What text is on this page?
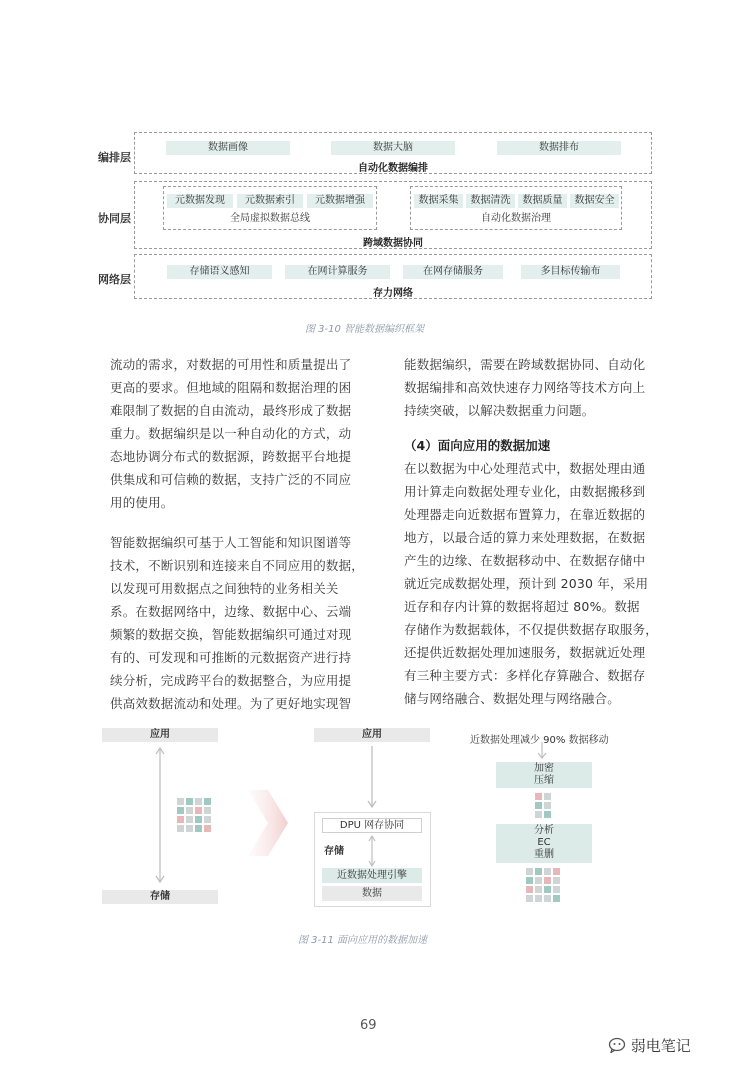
编排层
数据画像	数据大脑	数据排布
自动化数据编排
协同层
元数据发现	元数据索引	元数据增强
全局虚拟数据总线
数据采集	数据清洗	数据质量	数据安全
自动化数据治理
跨域数据协同
网络层
存储语义感知	在网计算服务	在网存储服务	多目标传输布
存力网络
图 3-10 智能数据编织框架

流动的需求，对数据的可用性和质量提出了
更高的要求。但地域的阻隔和数据治理的困
难限制了数据的自由流动，最终形成了数据
重力。数据编织是以一种自动化的方式，动
态地协调分布式的数据源，跨数据平台地提
供集成和可信赖的数据，支持广泛的不同应
用的使用。

智能数据编织可基于人工智能和知识图谱等
技术，不断识别和连接来自不同应用的数据，
以发现可用数据点之间独特的业务相关关
系。在数据网络中，边缘、数据中心、云端
频繁的数据交换，智能数据编织可通过对现
有的、可发现和可推断的元数据资产进行持
续分析，完成跨平台的数据整合，为应用提
供高效数据流动和处理。为了更好地实现智

能数据编织，需要在跨域数据协同、自动化
数据编排和高效快速存力网络等技术方向上
持续突破，以解决数据重力问题。

（4）面向应用的数据加速

在以数据为中心处理范式中，数据处理由通
用计算走向数据处理专业化，由数据搬移到
处理器走向近数据布置算力，在靠近数据的
地方，以最合适的算力来处理数据，在数据
产生的边缘、在数据移动中、在数据存储中
就近完成数据处理，预计到 2030 年，采用
近存和存内计算的数据将超过 80%。数据
存储作为数据载体，不仅提供数据存取服务，
还提供近数据处理加速服务，数据就近处理
有三种主要方式：多样化存算融合、数据存
储与网络融合、数据处理与网络融合。

应用
存储
应用
DPU 网存协同
存储
近数据处理引擎
数据
近数据处理减少 90% 数据移动
加密
压缩
分析
EC
重删
图 3-11 面向应用的数据加速
69
弱电笔记
